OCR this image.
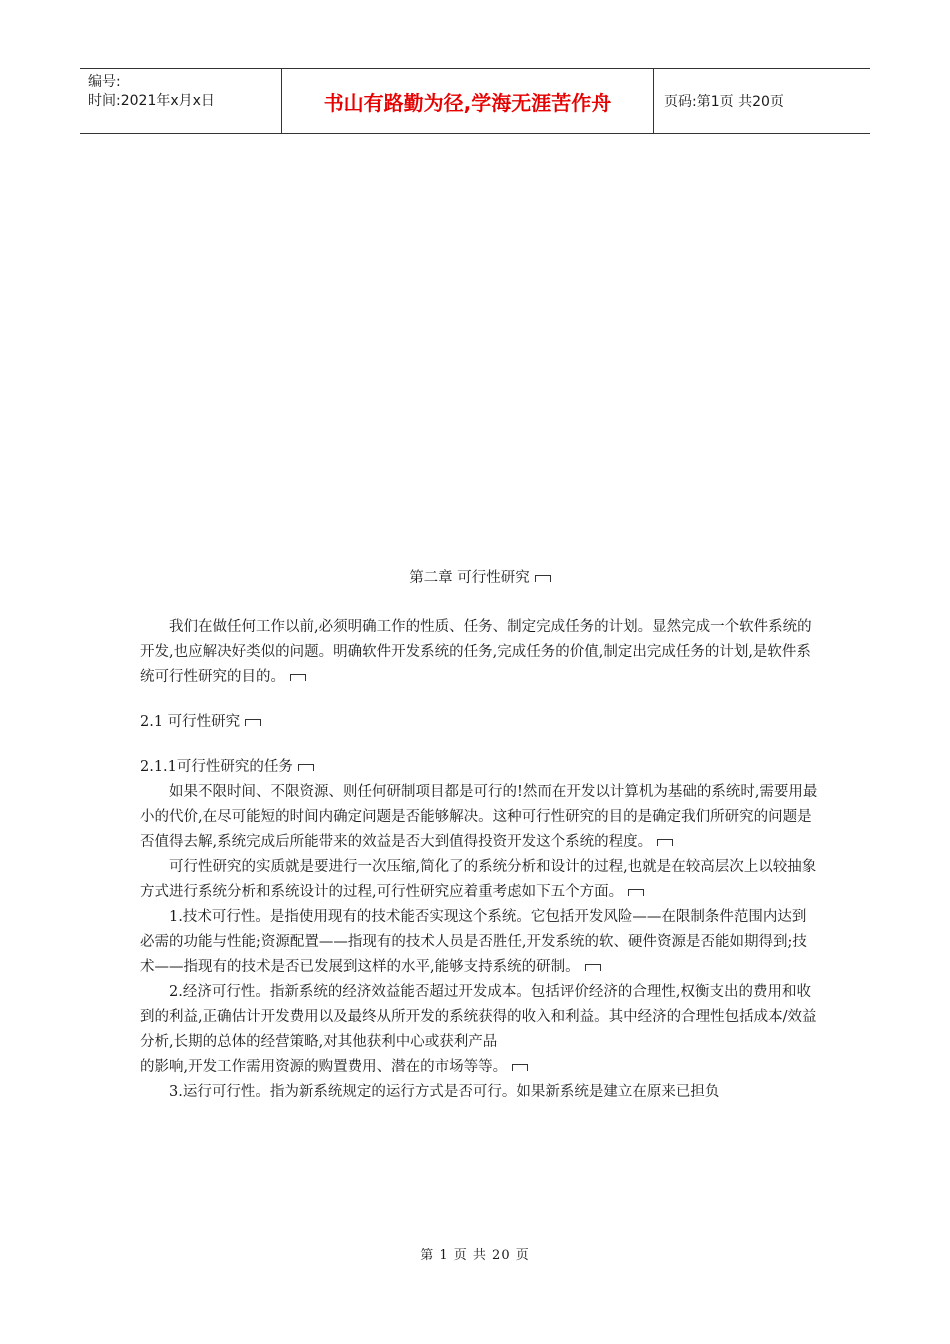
编号:
时间:2021年x月x日	书山有路勤为径,学海无涯苦作舟	页码:第1页 共20页
第二章 可行性研究

我们在做任何工作以前,必须明确工作的性质、任务、制定完成任务的计划。显然完成一个软件系统的开发,也应解决好类似的问题。明确软件开发系统的任务,完成任务的价值,制定出完成任务的计划,是软件系统可行性研究的目的。

2.1 可行性研究

2.1.1可行性研究的任务

如果不限时间、不限资源、则任何研制项目都是可行的!然而在开发以计算机为基础的系统时,需要用最小的代价,在尽可能短的时间内确定问题是否能够解决。这种可行性研究的目的是确定我们所研究的问题是否值得去解,系统完成后所能带来的效益是否大到值得投资开发这个系统的程度。

可行性研究的实质就是要进行一次压缩,简化了的系统分析和设计的过程,也就是在较高层次上以较抽象方式进行系统分析和系统设计的过程,可行性研究应着重考虑如下五个方面。

1.技术可行性。是指使用现有的技术能否实现这个系统。它包括开发风险——在限制条件范围内达到必需的功能与性能;资源配置——指现有的技术人员是否胜任,开发系统的软、硬件资源是否能如期得到;技术——指现有的技术是否已发展到这样的水平,能够支持系统的研制。

2.经济可行性。指新系统的经济效益能否超过开发成本。包括评价经济的合理性,权衡支出的费用和收到的利益,正确估计开发费用以及最终从所开发的系统获得的收入和利益。其中经济的合理性包括成本/效益分析,长期的总体的经营策略,对其他获利中心或获利产品

的影响,开发工作需用资源的购置费用、潜在的市场等等。

3.运行可行性。指为新系统规定的运行方式是否可行。如果新系统是建立在原来已担负

第 1 页 共 20 页
